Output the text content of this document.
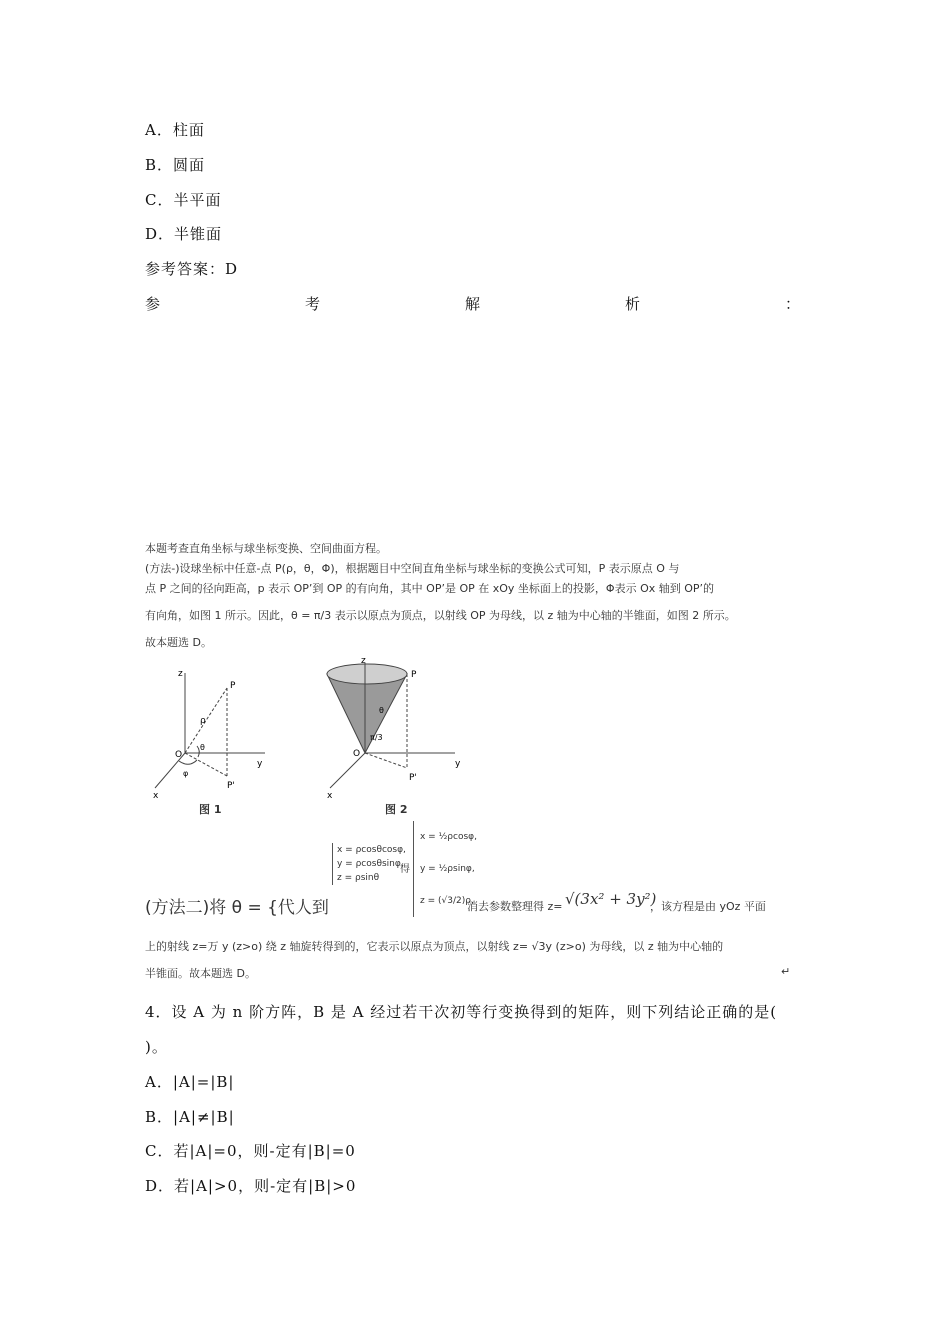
A．柱面
B．圆面
C．半平面
D．半锥面
参考答案：D
参	考	解	析	：

本题考查直角坐标与球坐标变换、空间曲面方程。

(方法-)设球坐标中任意-点 P(ρ，θ，Φ)，根据题目中空间直角坐标与球坐标的变换公式可知，P 表示原点 O 与

点 P 之间的径向距高，p 表示 OP’到 OP 的有向角，其中 OP’是 OP 在 xOy 坐标面上的投影，Φ表示 Ox 轴到 OP’的

有向角，如图 1 所示。因此，θ = π/3 表示以原点为顶点，以射线 OP 为母线，以 z 轴为中心轴的半锥面，如图 2 所示。

故本题选 D。

z
P
ρ
O
θ
φ
y
x
P'

图 1

z
P
θ
π/3
O
y
x
P'

图 2

x = ρcosθcosφ,
y = ρcosθsinφ,
z = ρsinθ

得

x = ½ρcosφ,
y = ½ρsinφ,
z = (√3/2)ρ,

(方法二)将 θ = {代人到	消去参数整理得 z= √(3x² + 3y²)

，该方程是由 yOz 平面

上的射线 z=万 y (z>o) 绕 z 轴旋转得到的，它表示以原点为顶点，以射线 z= √3y (z>o) 为母线，以 z 轴为中心轴的

半锥面。故本题选 D。	↵

4．设 A 为 n 阶方阵，B 是 A 经过若干次初等行变换得到的矩阵，则下列结论正确的是(
)。
A．|A|=|B|
B．|A|≠|B|
C．若|A|=0，则-定有|B|=0
D．若|A|>0，则-定有|B|>0
